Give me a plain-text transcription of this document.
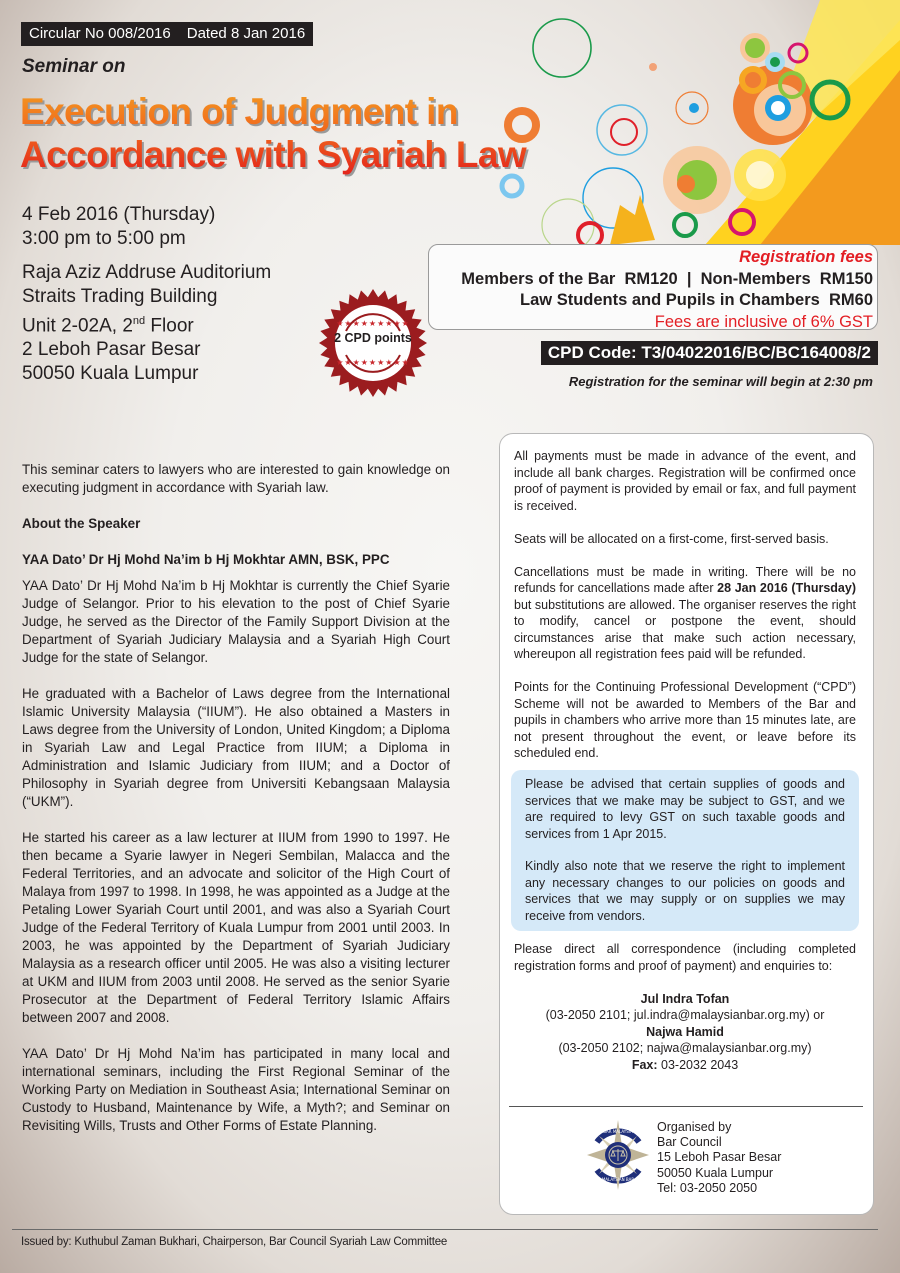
Circular No 008/2016 Dated 8 Jan 2016
Seminar on
Execution of Judgment in
Accordance with Syariah Law
4 Feb 2016 (Thursday)
3:00 pm to 5:00 pm
Raja Aziz Addruse Auditorium
Straits Trading Building
Unit 2-02A, 2nd Floor
2 Leboh Pasar Besar
50050 Kuala Lumpur
★★★★★★★★★
★★★★★★★★★
2 CPD points
Registration fees
Members of the Bar  RM120  |  Non-Members  RM150
Law Students and Pupils in Chambers  RM60
Fees are inclusive of 6% GST
CPD Code: T3/04022016/BC/BC164008/2
Registration for the seminar will begin at 2:30 pm

This seminar caters to lawyers who are interested to gain knowledge on executing judgment in accordance with Syariah law.

About the Speaker
YAA Dato’ Dr Hj Mohd Na’im b Hj Mokhtar AMN, BSK, PPC

YAA Dato’ Dr Hj Mohd Na’im b Hj Mokhtar is currently the Chief Syarie Judge of Selangor. Prior to his elevation to the post of Chief Syarie Judge, he served as the Director of the Family Support Division at the Department of Syariah Judiciary Malaysia and a Syariah High Court Judge for the state of Selangor.

He graduated with a Bachelor of Laws degree from the International Islamic University Malaysia (“IIUM”). He also obtained a Masters in Laws degree from the University of London, United Kingdom; a Diploma in Syariah Law and Legal Practice from IIUM; a Diploma in Administration and Islamic Judiciary from IIUM; and a Doctor of Philosophy in Syariah degree from Universiti Kebangsaan Malaysia (“UKM”).

He started his career as a law lecturer at IIUM from 1990 to 1997. He then became a Syarie lawyer in Negeri Sembilan, Malacca and the Federal Territories, and an advocate and solicitor of the High Court of Malaya from 1997 to 1998. In 1998, he was appointed as a Judge at the Petaling Lower Syariah Court until 2001, and was also a Syariah Court Judge of the Federal Territory of Kuala Lumpur from 2001 until 2003. In 2003, he was appointed by the Department of Syariah Judiciary Malaysia as a research officer until 2005. He was also a visiting lecturer at UKM and IIUM from 2003 until 2008. He served as the senior Syarie Prosecutor at the Department of Federal Territory Islamic Affairs between 2007 and 2008.

YAA Dato’ Dr Hj Mohd Na’im has participated in many local and international seminars, including the First Regional Seminar of the Working Party on Mediation in Southeast Asia; International Seminar on Custody to Husband, Maintenance by Wife, a Myth?; and Seminar on Revisiting Wills, Trusts and Other Forms of Estate Planning.

All payments must be made in advance of the event, and include all bank charges. Registration will be confirmed once proof of payment is provided by email or fax, and full payment is received.

Seats will be allocated on a first-come, first-served basis.

Cancellations must be made in writing. There will be no refunds for cancellations made after 28 Jan 2016 (Thursday) but substitutions are allowed. The organiser reserves the right to modify, cancel or postpone the event, should circumstances arise that make such action necessary, whereupon all registration fees paid will be refunded.

Points for the Continuing Professional Development (“CPD”) Scheme will not be awarded to Members of the Bar and pupils in chambers who arrive more than 15 minutes late, are not present throughout the event, or leave before its scheduled end.

Please be advised that certain supplies of goods and services that we make may be subject to GST, and we are required to levy GST on such taxable goods and services from 1 Apr 2015.

Kindly also note that we reserve the right to implement any necessary changes to our policies on goods and services that we may supply or on supplies we may receive from vendors.

Please direct all correspondence (including completed registration forms and proof of payment) and enquiries to:

Jul Indra Tofan
(03-2050 2101; jul.indra@malaysianbar.org.my) or
Najwa Hamid
(03-2050 2102; najwa@malaysianbar.org.my)
Fax: 03-2032 2043
BAR MALAYSIA
MALAYSIAN BAR
Organised by
Bar Council
15 Leboh Pasar Besar
50050 Kuala Lumpur
Tel: 03-2050 2050
Issued by: Kuthubul Zaman Bukhari, Chairperson, Bar Council Syariah Law Committee
